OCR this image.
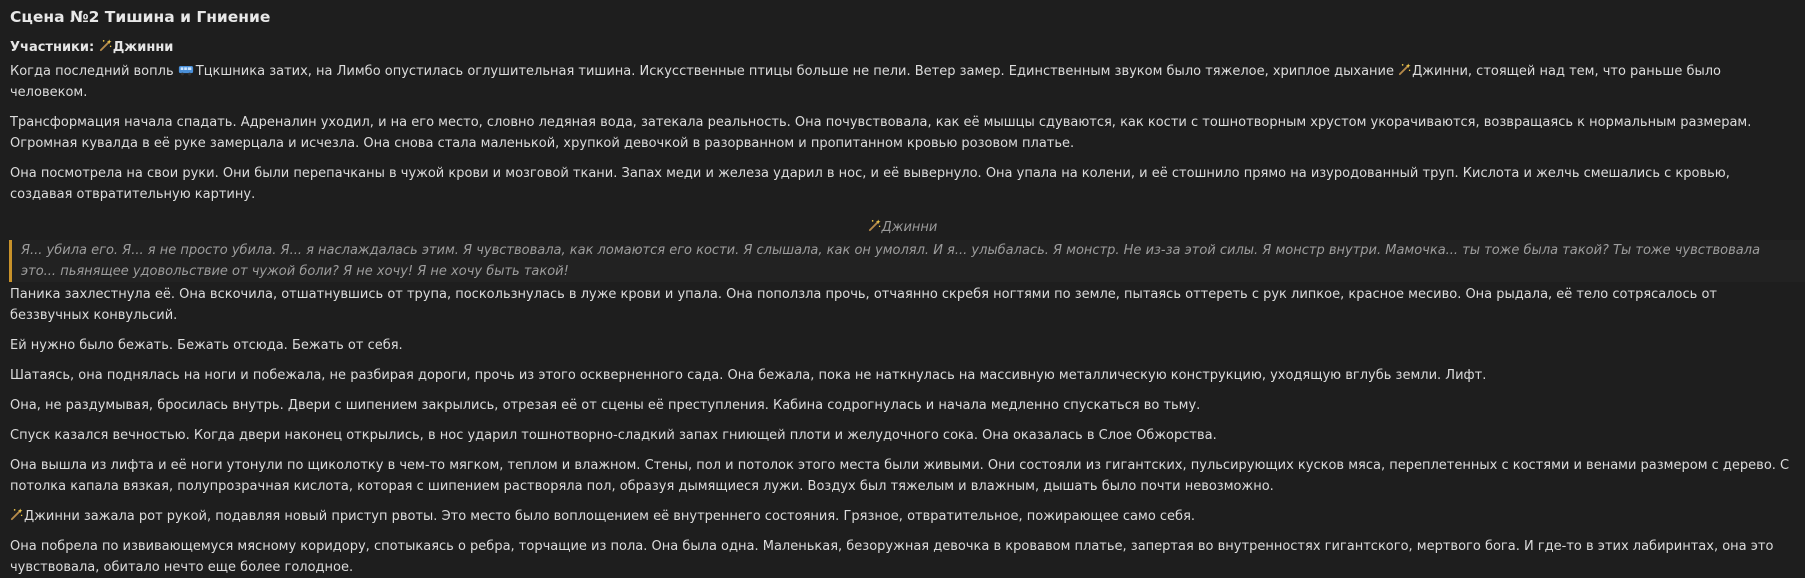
Сцена №2 Тишина и Гниение
Участники: Джинни

Когда последний вопль Тцкшника затих, на Лимбо опустилась оглушительная тишина. Искусственные птицы больше не пели. Ветер замер. Единственным звуком было тяжелое, хриплое дыхание Джинни, стоящей над тем, что раньше было человеком.

Трансформация начала спадать. Адреналин уходил, и на его место, словно ледяная вода, затекала реальность. Она почувствовала, как её мышцы сдуваются, как кости с тошнотворным хрустом укорачиваются, возвращаясь к нормальным размерам. Огромная кувалда в её руке замерцала и исчезла. Она снова стала маленькой, хрупкой девочкой в разорванном и пропитанном кровью розовом платье.

Она посмотрела на свои руки. Они были перепачканы в чужой крови и мозговой ткани. Запах меди и железа ударил в нос, и её вывернуло. Она упала на колени, и её стошнило прямо на изуродованный труп. Кислота и желчь смешались с кровью, создавая отвратительную картину.

Джинни
Я... убила его. Я... я не просто убила. Я... я наслаждалась этим. Я чувствовала, как ломаются его кости. Я слышала, как он умолял. И я... улыбалась. Я монстр. Не из-за этой силы. Я монстр внутри. Мамочка... ты тоже была такой? Ты тоже чувствовала это... пьянящее удовольствие от чужой боли? Я не хочу! Я не хочу быть такой!

Паника захлестнула её. Она вскочила, отшатнувшись от трупа, поскользнулась в луже крови и упала. Она поползла прочь, отчаянно скребя ногтями по земле, пытаясь оттереть с рук липкое, красное месиво. Она рыдала, её тело сотрясалось от беззвучных конвульсий.

Ей нужно было бежать. Бежать отсюда. Бежать от себя.

Шатаясь, она поднялась на ноги и побежала, не разбирая дороги, прочь из этого оскверненного сада. Она бежала, пока не наткнулась на массивную металлическую конструкцию, уходящую вглубь земли. Лифт.

Она, не раздумывая, бросилась внутрь. Двери с шипением закрылись, отрезая её от сцены её преступления. Кабина содрогнулась и начала медленно спускаться во тьму.

Спуск казался вечностью. Когда двери наконец открылись, в нос ударил тошнотворно-сладкий запах гниющей плоти и желудочного сока. Она оказалась в Слое Обжорства.

Она вышла из лифта и её ноги утонули по щиколотку в чем-то мягком, теплом и влажном. Стены, пол и потолок этого места были живыми. Они состояли из гигантских, пульсирующих кусков мяса, переплетенных с костями и венами размером с дерево. С потолка капала вязкая, полупрозрачная кислота, которая с шипением растворяла пол, образуя дымящиеся лужи. Воздух был тяжелым и влажным, дышать было почти невозможно.

Джинни зажала рот рукой, подавляя новый приступ рвоты. Это место было воплощением её внутреннего состояния. Грязное, отвратительное, пожирающее само себя.

Она побрела по извивающемуся мясному коридору, спотыкаясь о ребра, торчащие из пола. Она была одна. Маленькая, безоружная девочка в кровавом платье, запертая во внутренностях гигантского, мертвого бога. И где-то в этих лабиринтах, она это чувствовала, обитало нечто еще более голодное.
